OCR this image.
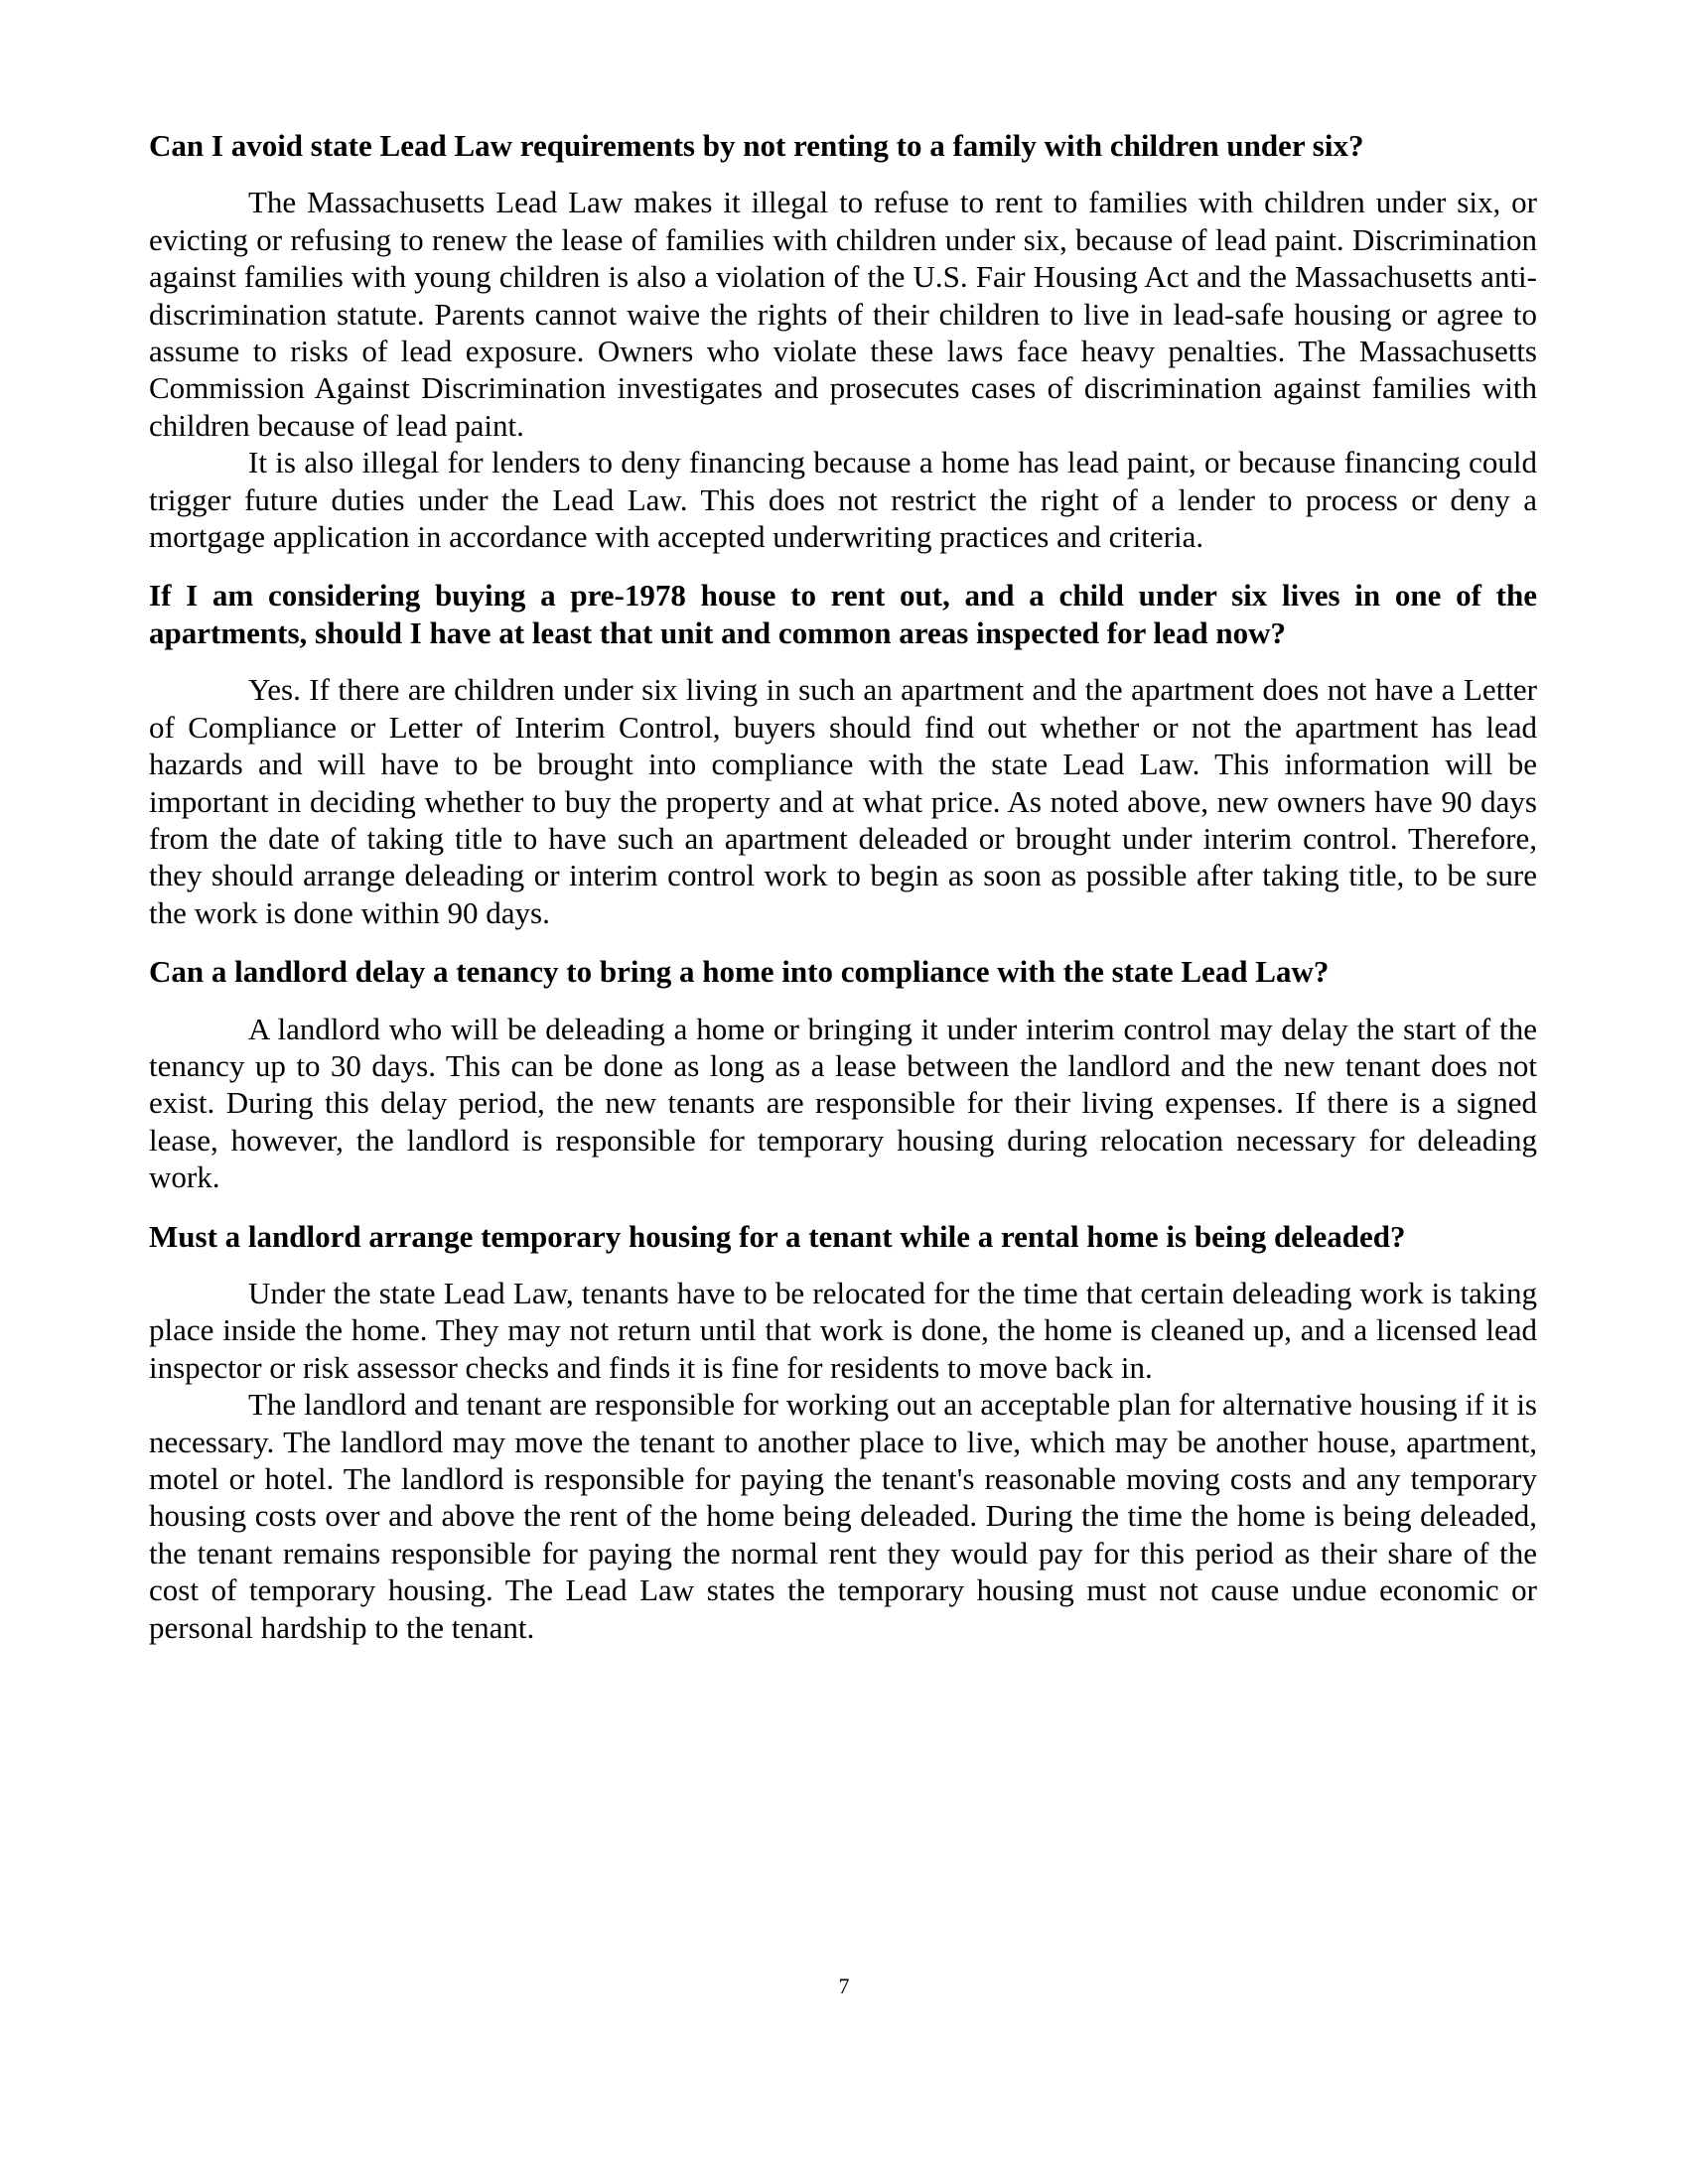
Can I avoid state Lead Law requirements by not renting to a family with children under six?

The Massachusetts Lead Law makes it illegal to refuse to rent to families with children under six, or evicting or refusing to renew the lease of families with children under six, because of lead paint. Discrimination against families with young children is also a violation of the U.S. Fair Housing Act and the Massachusetts anti-discrimination statute. Parents cannot waive the rights of their children to live in lead-safe housing or agree to assume to risks of lead exposure. Owners who violate these laws face heavy penalties. The Massachusetts Commission Against Discrimination investigates and prosecutes cases of discrimination against families with children because of lead paint.

It is also illegal for lenders to deny financing because a home has lead paint, or because financing could trigger future duties under the Lead Law. This does not restrict the right of a lender to process or deny a mortgage application in accordance with accepted underwriting practices and criteria.

If I am considering buying a pre-1978 house to rent out, and a child under six lives in one of the apartments, should I have at least that unit and common areas inspected for lead now?

Yes. If there are children under six living in such an apartment and the apartment does not have a Letter of Compliance or Letter of Interim Control, buyers should find out whether or not the apartment has lead hazards and will have to be brought into compliance with the state Lead Law. This information will be important in deciding whether to buy the property and at what price. As noted above, new owners have 90 days from the date of taking title to have such an apartment deleaded or brought under interim control. Therefore, they should arrange deleading or interim control work to begin as soon as possible after taking title, to be sure the work is done within 90 days.

Can a landlord delay a tenancy to bring a home into compliance with the state Lead Law?

A landlord who will be deleading a home or bringing it under interim control may delay the start of the tenancy up to 30 days. This can be done as long as a lease between the landlord and the new tenant does not exist. During this delay period, the new tenants are responsible for their living expenses. If there is a signed lease, however, the landlord is responsible for temporary housing during relocation necessary for deleading work.

Must a landlord arrange temporary housing for a tenant while a rental home is being deleaded?

Under the state Lead Law, tenants have to be relocated for the time that certain deleading work is taking place inside the home. They may not return until that work is done, the home is cleaned up, and a licensed lead inspector or risk assessor checks and finds it is fine for residents to move back in.

The landlord and tenant are responsible for working out an acceptable plan for alternative housing if it is necessary. The landlord may move the tenant to another place to live, which may be another house, apartment, motel or hotel. The landlord is responsible for paying the tenant's reasonable moving costs and any temporary housing costs over and above the rent of the home being deleaded. During the time the home is being deleaded, the tenant remains responsible for paying the normal rent they would pay for this period as their share of the cost of temporary housing. The Lead Law states the temporary housing must not cause undue economic or personal hardship to the tenant.

7
